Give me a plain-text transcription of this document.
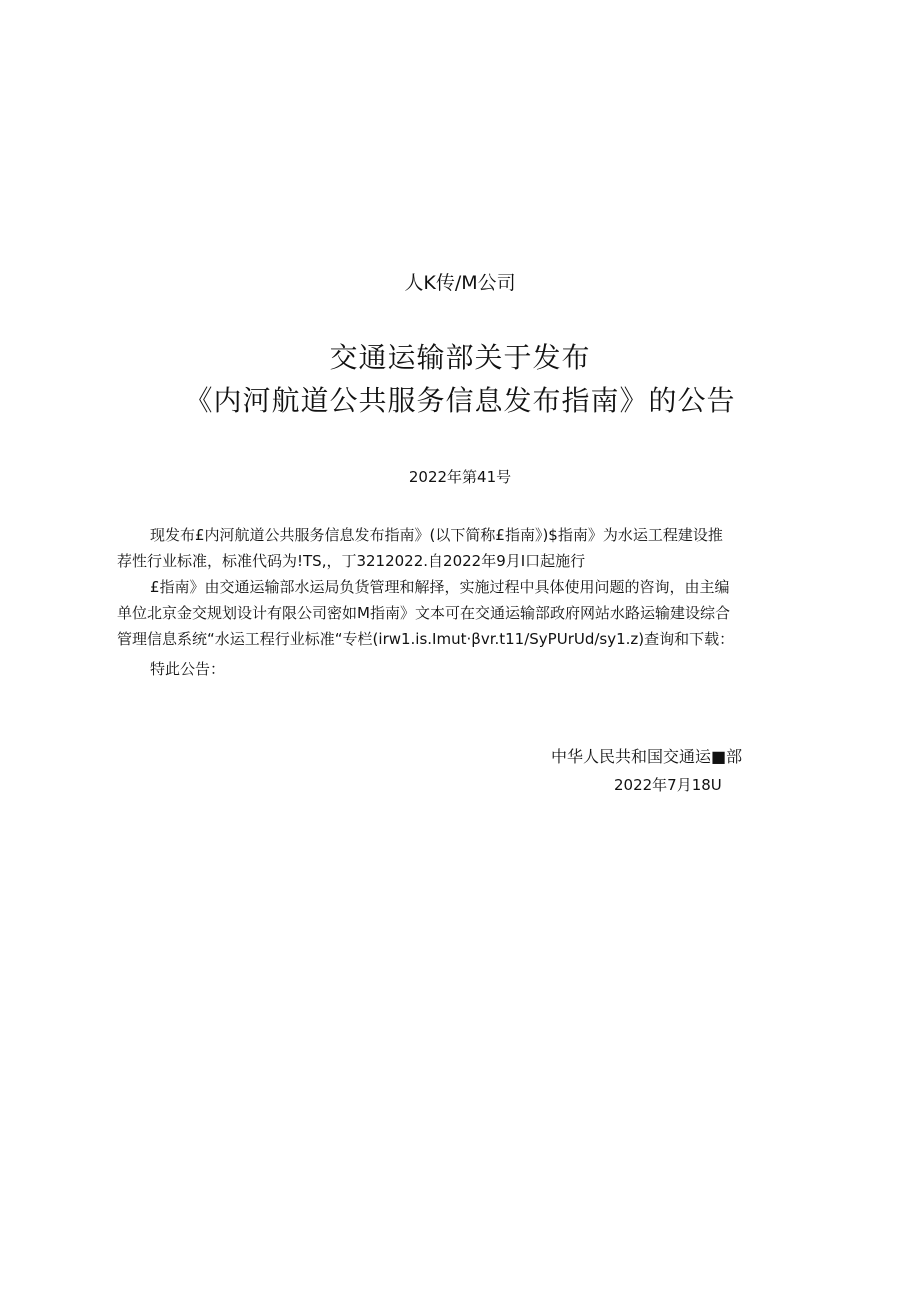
人K传/M公司
交通运输部关于发布
《内河航道公共服务信息发布指南》的公告
2022年第41号
现发布£内河航道公共服务信息发布指南》(以下简称£指南》)$指南》为水运工程建设推
荐性行业标准，标准代码为!TS,，丁3212022.自2022年9月I口起施行
£指南》由交通运输部水运局负货管理和解择，实施过程中具体使用问题的咨询，由主编
单位北京金交规划设计有限公司密如M指南》文本可在交通运输部政府网站水路运输建设综合
管理信息系统“水运工程行业标准“专栏(irw1.is.Imut·βvr.t11∕SyPUrUd∕sy1.z)查询和下载：
特此公告：
中华人民共和国交通运■部
2022年7月18U
